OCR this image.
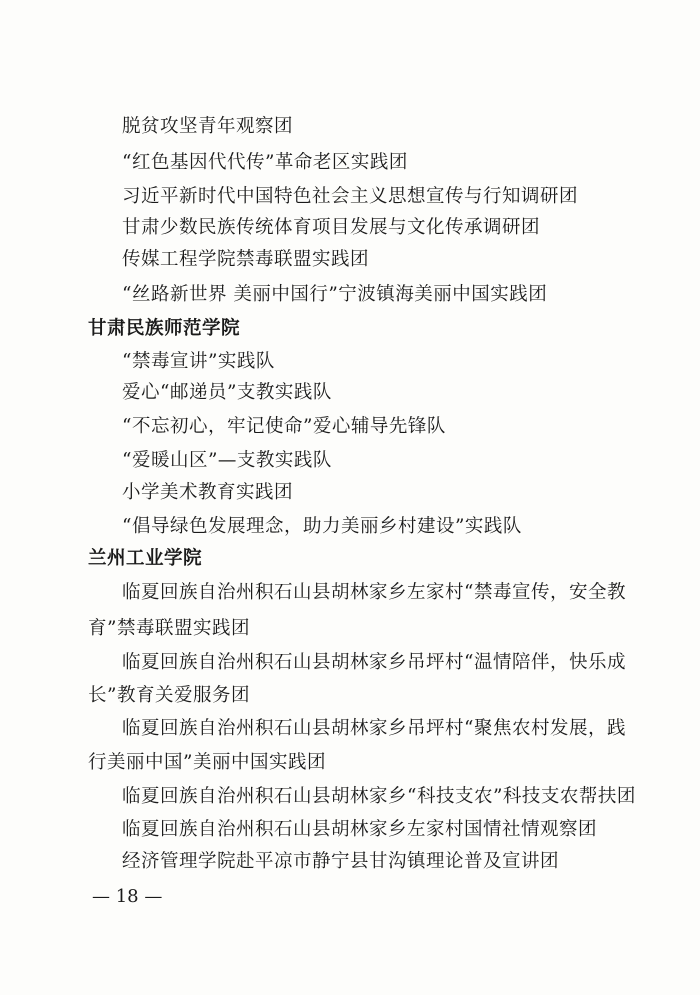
脱贫攻坚青年观察团
“红色基因代代传”革命老区实践团
习近平新时代中国特色社会主义思想宣传与行知调研团
甘肃少数民族传统体育项目发展与文化传承调研团
传媒工程学院禁毒联盟实践团
“丝路新世界 美丽中国行”宁波镇海美丽中国实践团
甘肃民族师范学院
“禁毒宣讲”实践队
爱心“邮递员”支教实践队
“不忘初心，牢记使命”爱心辅导先锋队
“爱暖山区”—支教实践队
小学美术教育实践团
“倡导绿色发展理念，助力美丽乡村建设”实践队
兰州工业学院
临夏回族自治州积石山县胡林家乡左家村“禁毒宣传，安全教
育”禁毒联盟实践团
临夏回族自治州积石山县胡林家乡吊坪村“温情陪伴，快乐成
长”教育关爱服务团
临夏回族自治州积石山县胡林家乡吊坪村“聚焦农村发展，践
行美丽中国”美丽中国实践团
临夏回族自治州积石山县胡林家乡“科技支农”科技支农帮扶团
临夏回族自治州积石山县胡林家乡左家村国情社情观察团
经济管理学院赴平凉市静宁县甘沟镇理论普及宣讲团
— 18 —
